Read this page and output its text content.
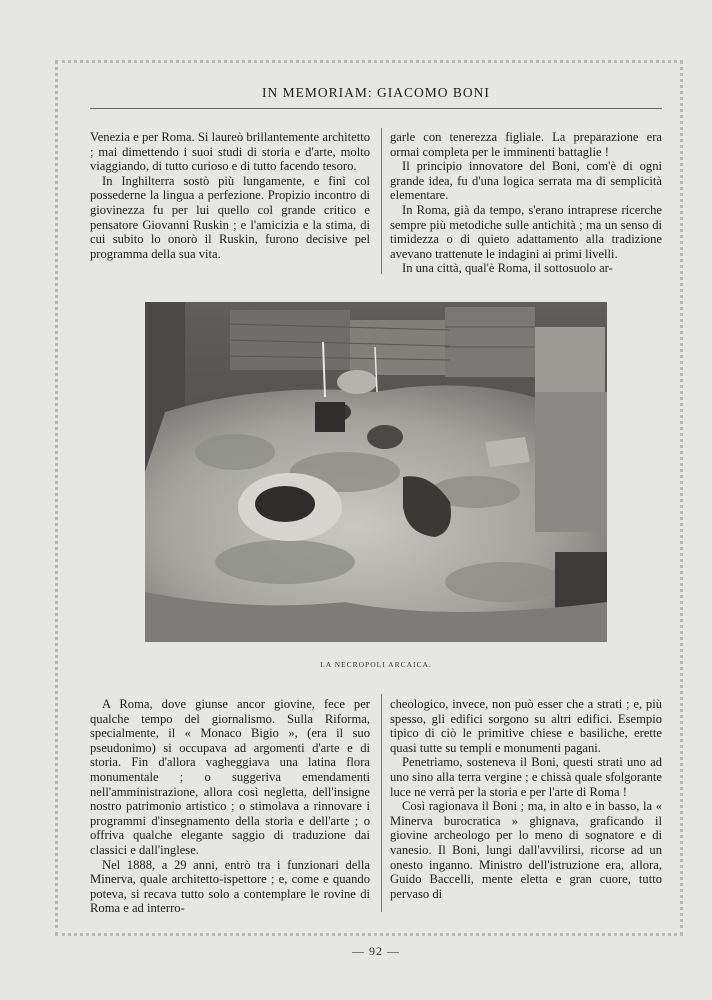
IN MEMORIAM: GIACOMO BONI

Venezia e per Roma. Si laureò brillantemente architetto ; mai dimettendo i suoi studi di storia e d'arte, molto viaggiando, di tutto curioso e di tutto facendo tesoro.

In Inghilterra sostò più lungamente, e finì col possederne la lingua a perfezione. Propizio incontro di giovinezza fu per lui quello col grande critico e pensatore Giovanni Ruskin ; e l'amicizia e la stima, di cui subito lo onorò il Ruskin, furono decisive pel programma della sua vita.

garle con tenerezza figliale. La preparazione era ormai completa per le imminenti battaglie !

Il principio innovatore del Boni, com'è di ogni grande idea, fu d'una logica serrata ma di semplicità elementare.

In Roma, già da tempo, s'erano intraprese ricerche sempre più metodiche sulle antichità ; ma un senso di timidezza o di quieto adattamento alla tradizione avevano trattenute le indagini ai primi livelli.

In una città, qual'è Roma, il sottosuolo ar-

LA NECROPOLI ARCAICA.

A Roma, dove giunse ancor giovine, fece per qualche tempo del giornalismo. Sulla Riforma, specialmente, il « Monaco Bigio », (era il suo pseudonimo) si occupava ad argomenti d'arte e di storia. Fin d'allora vagheggiava una latina flora monumentale ; o suggeriva emendamenti nell'amministrazione, allora così negletta, dell'insigne nostro patrimonio artistico ; o stimolava a rinnovare i programmi d'insegnamento della storia e dell'arte ; o offriva qualche elegante saggio di traduzione dai classici e dall'inglese.

Nel 1888, a 29 anni, entrò tra i funzionari della Minerva, quale architetto-ispettore ; e, come e quando poteva, si recava tutto solo a contemplare le rovine di Roma e ad interro-

cheologico, invece, non può esser che a strati ; e, più spesso, gli edifici sorgono su altri edifici. Esempio tipico di ciò le primitive chiese e basiliche, erette quasi tutte su templi e monumenti pagani.

Penetriamo, sosteneva il Boni, questi strati uno ad uno sino alla terra vergine ; e chissà quale sfolgorante luce ne verrà per la storia e per l'arte di Roma !

Così ragionava il Boni ; ma, in alto e in basso, la « Minerva burocratica » ghignava, graficando il giovine archeologo per lo meno di sognatore e di vanesio. Il Boni, lungi dall'avvilirsi, ricorse ad un onesto inganno. Ministro dell'istruzione era, allora, Guido Baccelli, mente eletta e gran cuore, tutto pervaso di

— 92 —
